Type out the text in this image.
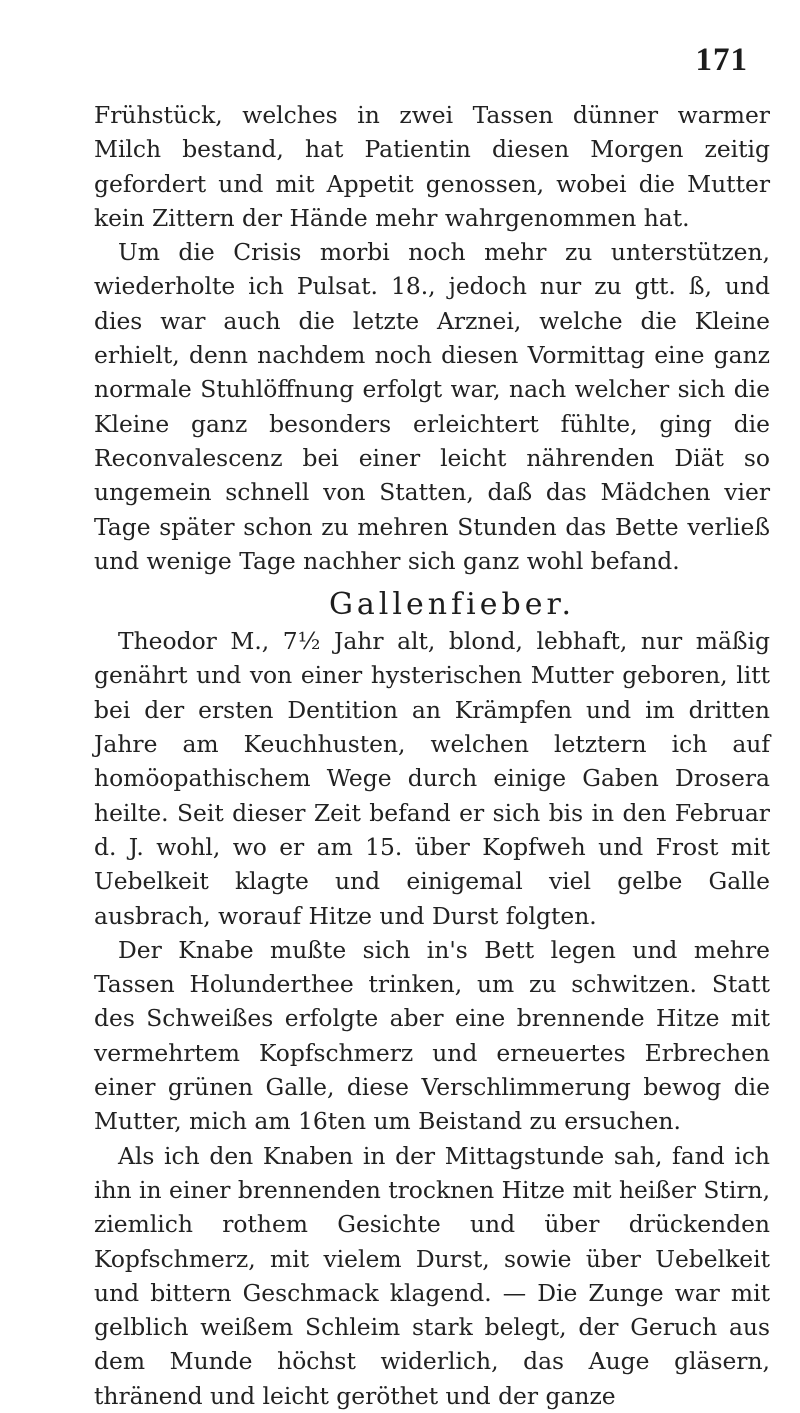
171

Frühstück, welches in zwei Tassen dünner warmer Milch bestand, hat Patientin diesen Morgen zeitig gefordert und mit Appetit genossen, wobei die Mutter kein Zittern der Hände mehr wahrgenommen hat.

Um die Crisis morbi noch mehr zu unterstützen, wiederholte ich Pulsat. 18., jedoch nur zu gtt. ß, und dies war auch die letzte Arznei, welche die Kleine erhielt, denn nachdem noch diesen Vormittag eine ganz normale Stuhlöffnung erfolgt war, nach welcher sich die Kleine ganz besonders erleichtert fühlte, ging die Reconvalescenz bei einer leicht nährenden Diät so ungemein schnell von Statten, daß das Mädchen vier Tage später schon zu mehren Stunden das Bette verließ und wenige Tage nachher sich ganz wohl befand.

Gallenfieber.

Theodor M., 7½ Jahr alt, blond, lebhaft, nur mäßig genährt und von einer hysterischen Mutter geboren, litt bei der ersten Dentition an Krämpfen und im dritten Jahre am Keuchhusten, welchen letztern ich auf homöopathischem Wege durch einige Gaben Drosera heilte. Seit dieser Zeit befand er sich bis in den Februar d. J. wohl, wo er am 15. über Kopfweh und Frost mit Uebelkeit klagte und einigemal viel gelbe Galle ausbrach, worauf Hitze und Durst folgten.

Der Knabe mußte sich in's Bett legen und mehre Tassen Holunderthee trinken, um zu schwitzen. Statt des Schweißes erfolgte aber eine brennende Hitze mit vermehrtem Kopfschmerz und erneuertes Erbrechen einer grünen Galle, diese Verschlimmerung bewog die Mutter, mich am 16ten um Beistand zu ersuchen.

Als ich den Knaben in der Mittagstunde sah, fand ich ihn in einer brennenden trocknen Hitze mit heißer Stirn, ziemlich rothem Gesichte und über drückenden Kopfschmerz, mit vielem Durst, sowie über Uebelkeit und bittern Geschmack klagend. — Die Zunge war mit gelblich weißem Schleim stark belegt, der Geruch aus dem Munde höchst widerlich, das Auge gläsern, thränend und leicht geröthet und der ganze
